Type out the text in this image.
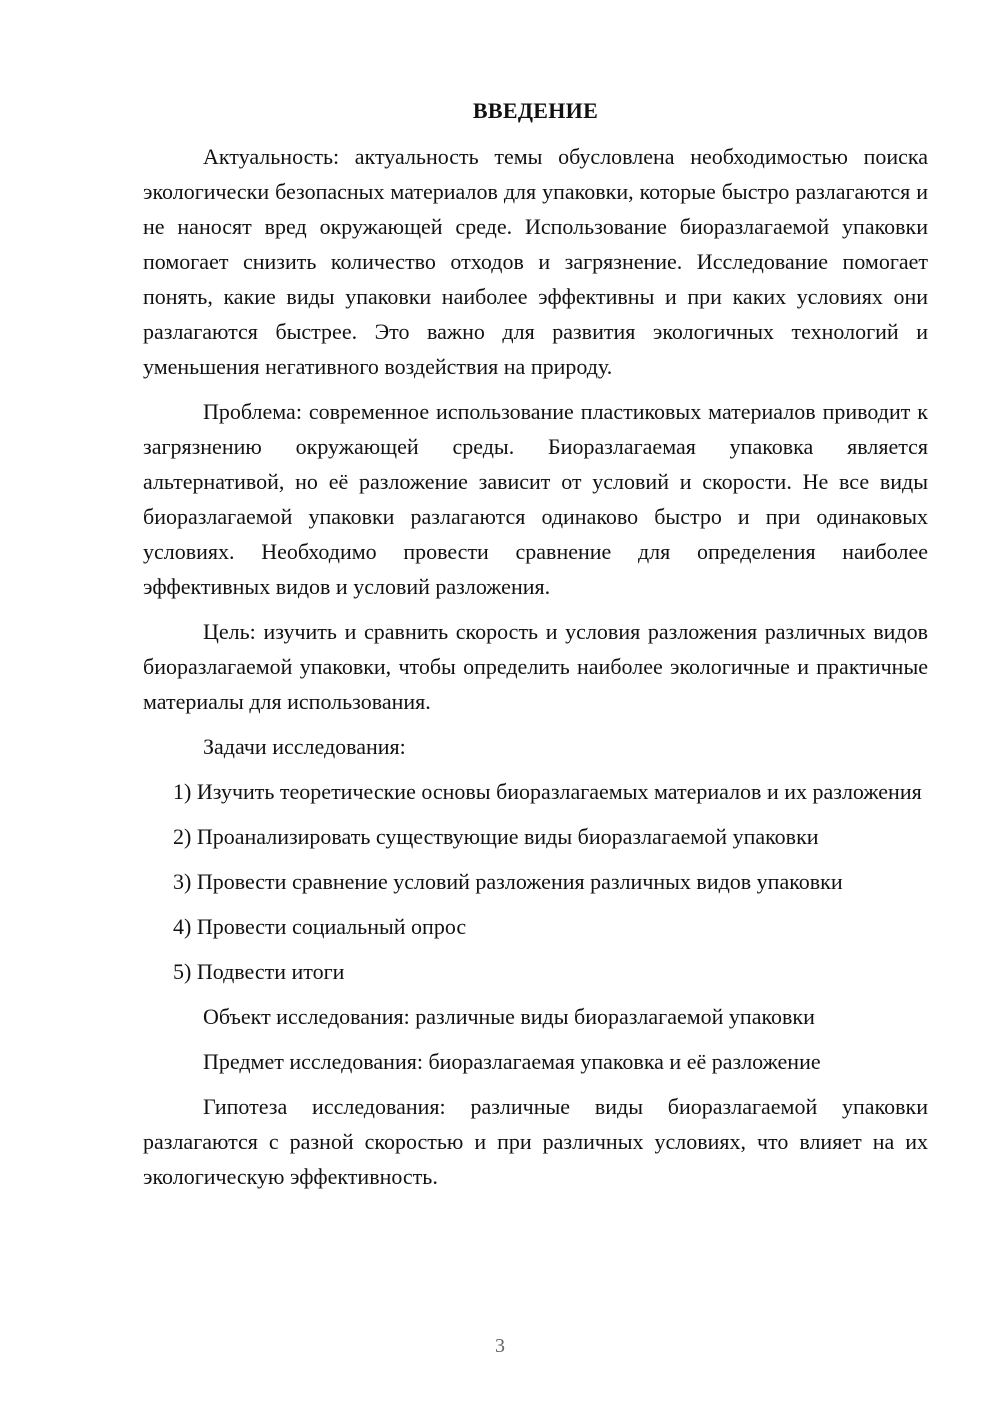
ВВЕДЕНИЕ

Актуальность: актуальность темы обусловлена необходимостью поиска экологически безопасных материалов для упаковки, которые быстро разлагаются и не наносят вред окружающей среде. Использование биоразлагаемой упаковки помогает снизить количество отходов и загрязнение. Исследование помогает понять, какие виды упаковки наиболее эффективны и при каких условиях они разлагаются быстрее. Это важно для развития экологичных технологий и уменьшения негативного воздействия на природу.

Проблема: современное использование пластиковых материалов приводит к загрязнению окружающей среды. Биоразлагаемая упаковка является альтернативой, но её разложение зависит от условий и скорости. Не все виды биоразлагаемой упаковки разлагаются одинаково быстро и при одинаковых условиях. Необходимо провести сравнение для определения наиболее эффективных видов и условий разложения.

Цель: изучить и сравнить скорость и условия разложения различных видов биоразлагаемой упаковки, чтобы определить наиболее экологичные и практичные материалы для использования.

Задачи исследования:

1) Изучить теоретические основы биоразлагаемых материалов и их разложения

2) Проанализировать существующие виды биоразлагаемой упаковки

3) Провести сравнение условий разложения различных видов упаковки

4) Провести социальный опрос

5) Подвести итоги

Объект исследования: различные виды биоразлагаемой упаковки

Предмет исследования: биоразлагаемая упаковка и её разложение

Гипотеза исследования: различные виды биоразлагаемой упаковки разлагаются с разной скоростью и при различных условиях, что влияет на их экологическую эффективность.

3
